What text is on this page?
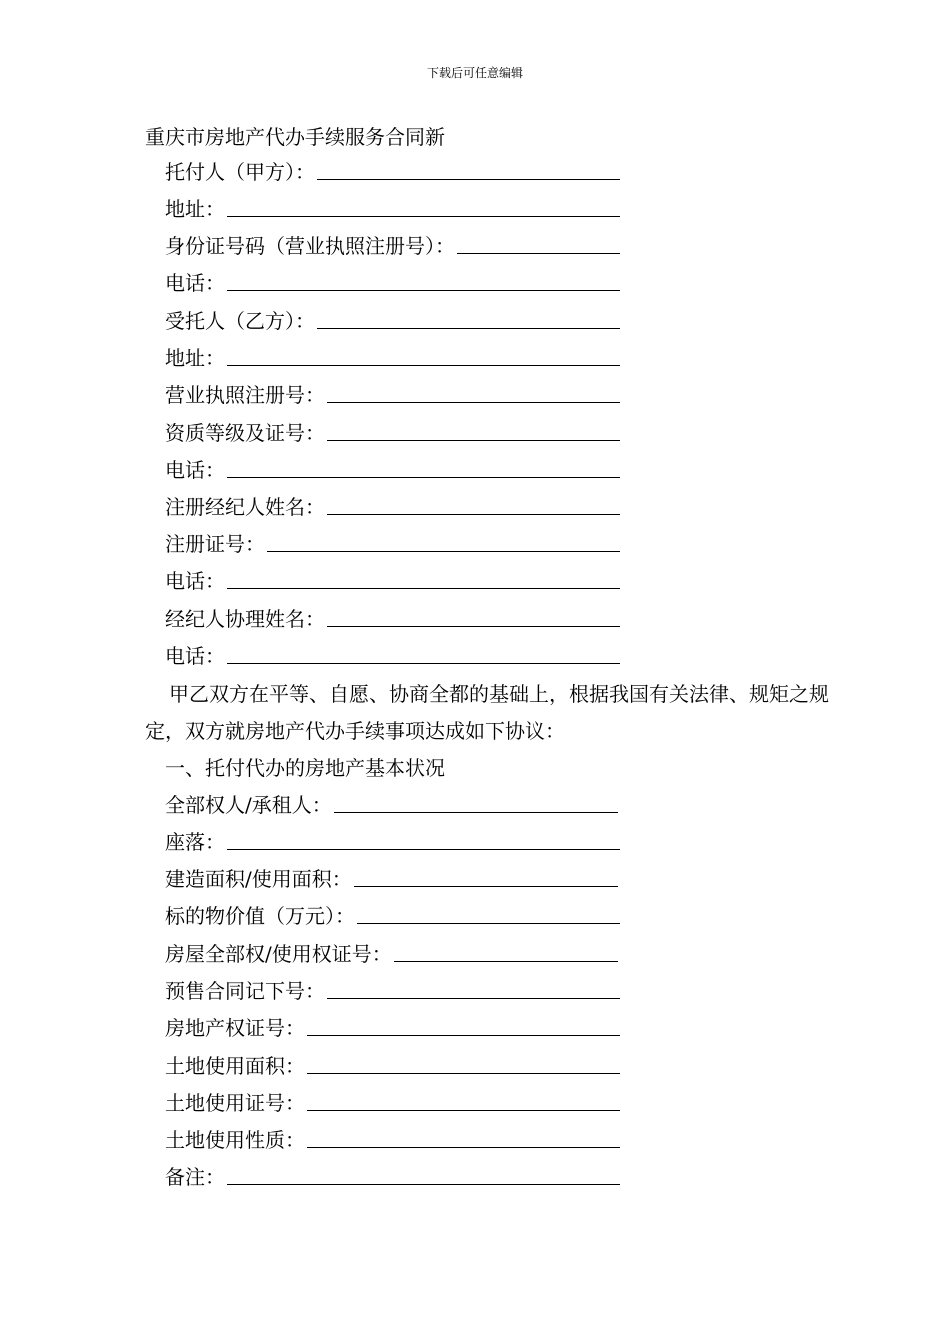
下载后可任意编辑
重庆市房地产代办手续服务合同新
托付人（甲方）：
地址：
身份证号码（营业执照注册号）：
电话：
受托人（乙方）：
地址：
营业执照注册号：
资质等级及证号：
电话：
注册经纪人姓名：
注册证号：
电话：
经纪人协理姓名：
电话：
甲乙双方在平等、自愿、协商全都的基础上，根据我国有关法律、规矩之规定，双方就房地产代办手续事项达成如下协议：
一、托付代办的房地产基本状况
全部权人/承租人：
座落：
建造面积/使用面积：
标的物价值（万元）：
房屋全部权/使用权证号：
预售合同记下号：
房地产权证号：
土地使用面积：
土地使用证号：
土地使用性质：
备注：
